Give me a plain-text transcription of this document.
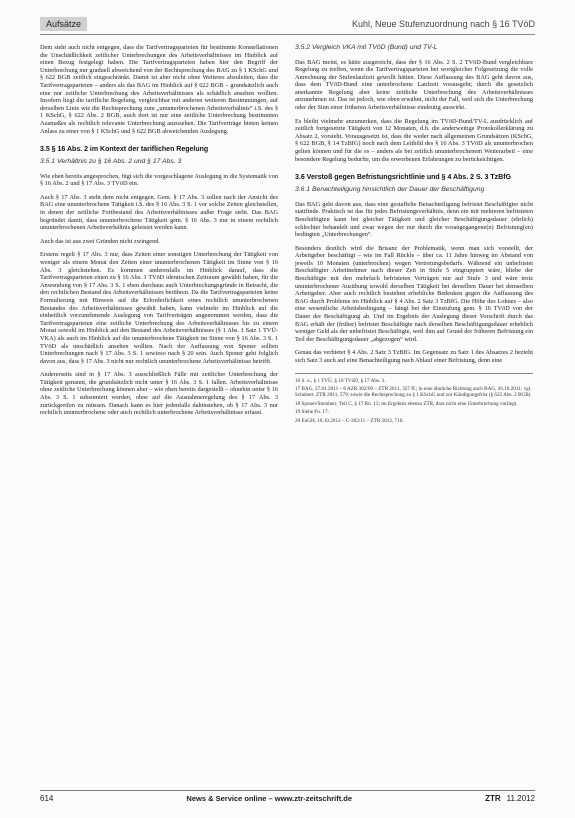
Aufsätze	Kuhl, Neue Stufenzuordnung nach § 16 TVöD

Dem steht auch nicht entgegen, dass die Tarifvertragsparteien für bestimmte Konstellationen die Unschädlichkeit zeitlicher Unterbrechungen des Arbeitsverhältnisses im Hinblick auf einen Bezug festgelegt haben. Die Tarifvertragsparteien haben hier den Begriff der Unterbrechung nur graduell abweichend von der Rechtsprechung des BAG zu § 1 KSchG und § 622 BGB zeitlich eingeschränkt. Damit ist aber nicht ohne Weiteres abzuleiten, dass die Tarifvertragsparteien – anders als das BAG im Hinblick auf § 622 BGB – grundsätzlich auch eine nur zeitliche Unterbrechung des Arbeitsverhältnisses als schädlich ansehen wollten. Insofern liegt die tarifliche Regelung, vergleichbar mit anderen weiteren Bestimmungen, auf derselben Linie wie die Rechtsprechung zum „ununterbrochenen Arbeitsverhältnis“ i.S. des § 1 KSchG, § 622 Abs. 2 BGB, auch dort ist nur eine zeitliche Unterbrechung bestimmten Ausmaßes als rechtlich relevante Unterbrechung anzusehen. Die Tarifverträge bieten keinen Anlass zu einer von § 1 KSchG und § 622 BGB abweichenden Auslegung.

3.5 § 16 Abs. 2 im Kontext der tariflichen Regelung
3.5.1 Verhältnis zu § 16 Abs. 2 und § 17 Abs. 3

Wie eben bereits angesprochen, fügt sich die vorgeschlagene Auslegung in die Systematik von § 16 Abs. 2 und § 17 Abs. 3 TVöD ein.

Auch § 17 Abs. 3 steht dem nicht entgegen. Gem. § 17 Abs. 3 sollen nach der Ansicht des BAG eine ununterbrochene Tätigkeit i.S. des § 16 Abs. 3 S. 1 vor solche Zeiten gleichstellen, in denen der zeitliche Fortbestand des Arbeitsverhältnisses außer Frage steht. Das BAG begründet damit, dass ununterbrochene Tätigkeit gem. § 16 Abs. 3 nur in einem rechtlich ununterbrochenen Arbeitsverhältnis geleistet werden kann.

Auch das ist aus zwei Gründen nicht zwingend.

Erstens regelt § 17 Abs. 3 nur, dass Zeiten einer sonstigen Unterbrechung der Tätigkeit von weniger als einem Monat den Zeiten einer ununterbrochenen Tätigkeit im Sinne von § 16 Abs. 3 gleichstehen. Es kommen anderenfalls im Hinblick darauf, dass die Tarifvertragsparteien einen zu § 16 Abs. 1 TVöD identischen Zeitraum gewählt haben, für die Anwendung von § 17 Abs. 3 S. 1 eben durchaus auch Unterbrechungsgründe in Betracht, die den rechtlichen Bestand des Arbeitsverhältnisses berühren. Da die Tarifvertragsparteien keine Formulierung mit Hinweis auf die Erforderlichkeit eines rechtlich ununterbrochenen Bestandes des Arbeitsverhältnisses gewählt haben, kann vielmehr im Hinblick auf die einheitlich vorzunehmende Auslegung von Tarifverträgen angenommen werden, dass die Tarifvertragsparteien eine zeitliche Unterbrechung des Arbeitsverhältnisses bis zu einem Monat sowohl im Hinblick auf den Bestand des Arbeitsverhältnisses (§ 1 Abs. 1 Satz 1 TVÜ-VKA) als auch im Hinblick auf die ununterbrochene Tätigkeit im Sinne von § 16 Abs. 3 S. 1 TVöD als unschädlich ansehen wollten. Nach der Auffassung von Sponer sollten Unterbrechungen nach § 17 Abs. 3 S. 1 sowieso nach § 20 sein. Auch Sponer geht folglich davon aus, dass § 17 Abs. 3 nicht nur rechtlich ununterbrochene Arbeitsverhältnisse betrifft.

Andererseits sind in § 17 Abs. 3 ausschließlich Fälle mit zeitlicher Unterbrechung der Tätigkeit genannt, die grundsätzlich nicht unter § 16 Abs. 3 S. 1 fallen. Arbeitsverhältnisse ohne zeitliche Unterbrechung können aber – wie oben bereits dargestellt – ohnehin unter § 16 Abs. 3 S. 1 subsumiert werden, ohne auf die Ausnahmeregelung des § 17 Abs. 3 zurückgreifen zu müssen. Danach kann es hier jedenfalls dahinstehen, ob § 17 Abs. 3 nur rechtlich ununterbrochene oder auch rechtlich unterbrochene Arbeitsverhältnisse erfasst.

3.5.2 Vergleich VKA mit TVöD (Bund) und TV-L

Das BAG meint, es hätte ausgereicht, dass der § 16 Abs. 2 S. 2 TVöD-Bund vergleichbare Regelung zu treffen, wenn die Tarifvertragsparteien bei wortgleicher Folgesetzung die volle Anrechnung der Stufenlaufzeit gewollt hätten. Diese Auffassung des BAG geht davon aus, dass dem TVöD-Bund eine unterbrochene Laufzeit vorausgeht; durch die gesetzlich anerkannte Regelung aber keine zeitliche Unterbrechung des Arbeitsverhältnisses anzunehmen ist. Das ist jedoch, wie oben erwähnt, nicht der Fall, weil sich die Unterbrechung oder der Sinn einer früheren Arbeitsverhältnisse eindeutig auswirkt.

Es bleibt vielmehr anzumerken, dass die Regelung im TVöD-Bund/TV-L ausdrücklich auf zeitlich fortgesetzte Tätigkeit von 12 Monaten, d.h. die anderweitige Protokollerklärung zu Absatz 2, vorsieht. Vorausgesetzt ist, dass die weder nach allgemeinen Grundsätzen (KSchG, § 622 BGB, § 14 TzBfG) noch nach dem Leitbild des § 16 Abs. 3 TVöD als ununterbrochen gelten können und für die es – anders als bei zeitlich ununterbrochenem Weiterarbeit – eine besondere Regelung bedurfte, um die erworbenen Erfahrungen zu berücksichtigen.

3.6 Verstoß gegen Befristungsrichtlinie und § 4 Abs. 2 S. 3 TzBfG
3.6.1 Benachteiligung hinsichtlich der Dauer der Beschäftigung

Das BAG geht davon aus, dass eine gestaffelte Benachteiligung befristet Beschäftigter nicht stattfinde. Praktisch ist das für jedes Befristungsverhältnis, denn ein mit mehreren befristeten Beschäftigten kann bei gleicher Tätigkeit und gleicher Beschäftigungsdauer (ehrlich) schlechter behandelt und zwar wegen der nur durch die vorangegangene(n) Befristung(en) bedingten „Unterbrechungen“.

Besonders deutlich wird die Brisanz der Problematik, wenn man sich vorstellt, der Arbeitgeber beschäftigt – wie im Fall Rückle – über ca. 11 Jahre hinweg im Abstand von jeweils 10 Monaten (unterbrochen) wegen Vertretungsbedarfs. Während ein unbefristet Beschäftigter Arbeitnehmer nach dieser Zeit in Stufe 5 eingruppiert wäre, bliebe der Beschäftigte mit den mehrfach befristeten Verträgen nur auf Stufe 3 und wäre trotz ununterbrochener Ausübung sowohl derselben Tätigkeit bei derselben Dauer bei demselben Arbeitgeber. Aber auch rechtlich bestehen erhebliche Bedenken gegen die Auffassung des BAG durch Probleme im Hinblick auf § 4 Abs. 2 Satz 3 TzBfG. Die Höhe des Lohnes – also eine wesentliche Arbeitsbedingung – hängt bei der Einstufung gem. § 16 TVöD von der Dauer der Beschäftigung ab. Und im Ergebnis der Auslegung dieser Vorschrift durch das BAG erhält der (früher) befristet Beschäftigte nach derselben Beschäftigungsdauer erheblich weniger Geld als der unbefristet Beschäftigte, weil ihm auf Grund der früheren Befristung ein Teil der Beschäftigungsdauer „abgezogen“ wird.

Genau das verbietet § 4 Abs. 2 Satz 3 TzBfG. Im Gegensatz zu Satz 1 des Absatzes 2 bezieht sich Satz 3 auch auf eine Benachteiligung nach Ablauf einer Befristung, denn eine

16 S. o., § 1 TVÜ, § 16 TVöD, § 17 Abs. 3.
17 BAG, 27.01.2011 – 6 AZR 382/09 – ZTR 2011, 357 ff.; in eine ähnliche Richtung auch BAG, 26.10.2011; vgl. Schubert, ZTR 2011, 579; sowie die Rechtsprechung zu § 1 KSchG und zur Kündigungsfrist (§ 622 Abs. 2 BGB).
18 Sponer/Steinherr, Teil C, § 17 Rn. 13; im Ergebnis ebenso ZTR, dass nicht eine Unterbrechung vorliegt.
19 Siehe Fn. 17.
20 EuGH, 18.10.2012 – C-302/11 – ZTR 2012, 710.
614	News & Service online – www.ztr-zeitschrift.de	ZTR 11.2012
